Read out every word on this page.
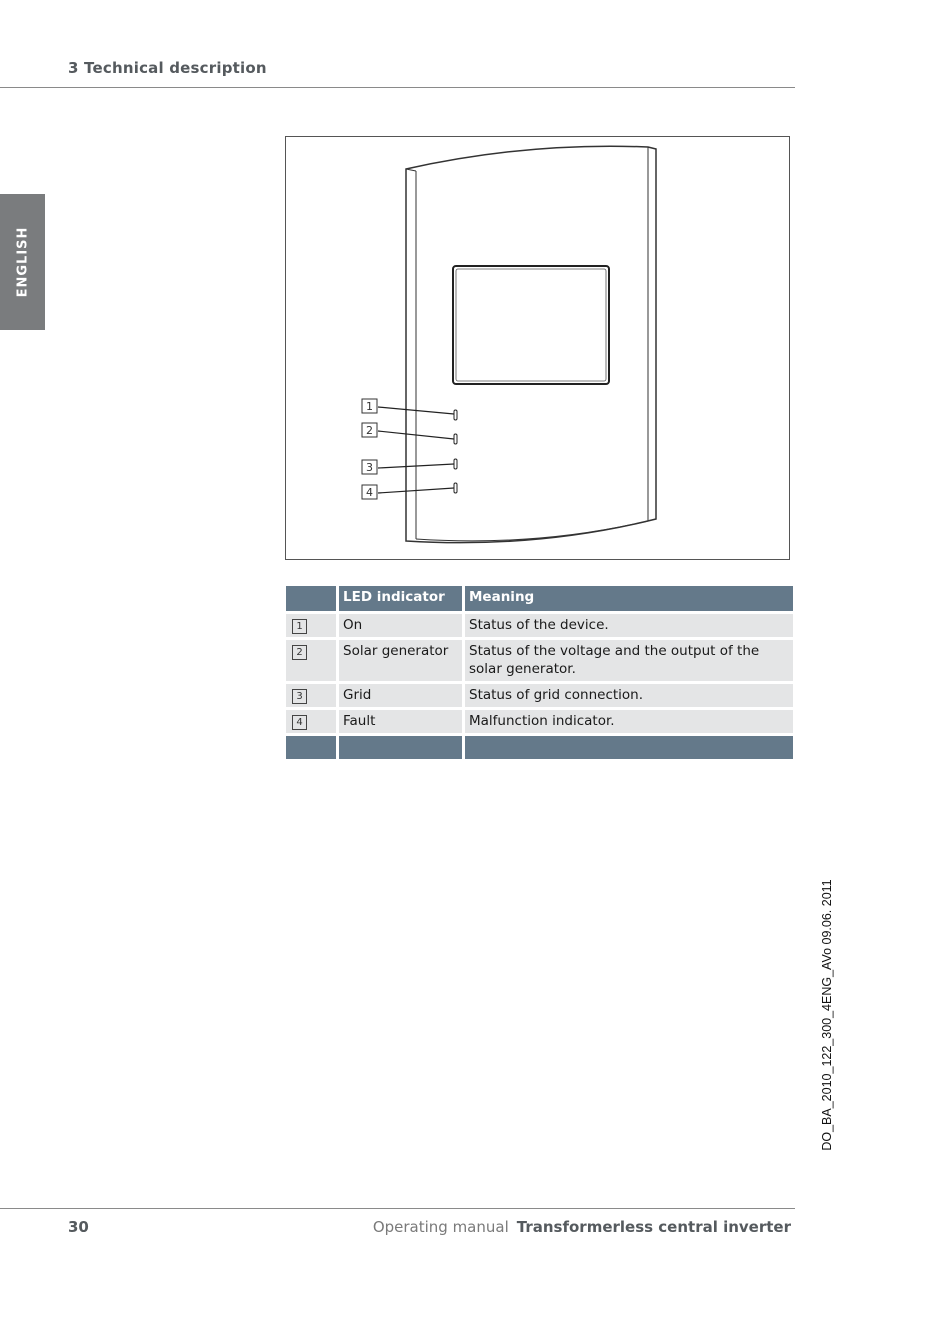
3 Technical description
ENGLISH
1
2
3
4
	LED indicator	Meaning
1	On	Status of the device.
2	Solar generator	Status of the voltage and the output of the solar generator.
3	Grid	Status of grid connection.
4	Fault	Malfunction indicator.

DO_BA_2010_122_300_4ENG_AVo 09.06. 2011
30	Operating manual Transformerless central inverter
